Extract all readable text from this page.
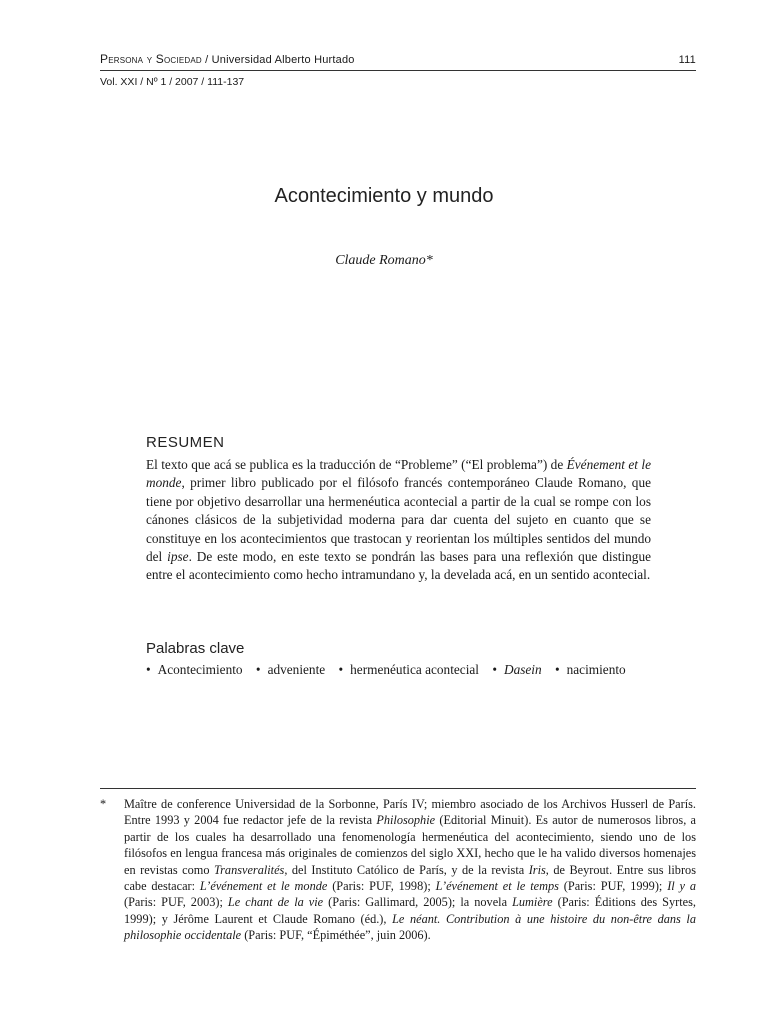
Persona y Sociedad / Universidad Alberto Hurtado	111
Vol. XXI / Nº 1 / 2007 / 111-137
Acontecimiento y mundo
Claude Romano*
RESUMEN

El texto que acá se publica es la traducción de “Probleme” (“El problema”) de Événement et le monde, primer libro publicado por el filósofo francés contemporáneo Claude Romano, que tiene por objetivo desarrollar una hermenéutica acontecial a partir de la cual se rompe con los cánones clásicos de la subjetividad moderna para dar cuenta del sujeto en cuanto que se constituye en los acontecimientos que trastocan y reorientan los múltiples sentidos del mundo del ipse. De este modo, en este texto se pondrán las bases para una reflexión que distingue entre el acontecimiento como hecho intramundano y, la develada acá, en un sentido acontecial.

Palabras clave
• Acontecimiento • adveniente • hermenéutica acontecial • Dasein • nacimiento
* Maître de conference Universidad de la Sorbonne, París IV; miembro asociado de los Archivos Husserl de París. Entre 1993 y 2004 fue redactor jefe de la revista Philosophie (Editorial Minuit). Es autor de numerosos libros, a partir de los cuales ha desarrollado una fenomenología hermenéutica del acontecimiento, siendo uno de los filósofos en lengua francesa más originales de comienzos del siglo XXI, hecho que le ha valido diversos homenajes en revistas como Transveralités, del Instituto Católico de París, y de la revista Iris, de Beyrout. Entre sus libros cabe destacar: L’événement et le monde (Paris: PUF, 1998); L’événement et le temps (Paris: PUF, 1999); Il y a (Paris: PUF, 2003); Le chant de la vie (Paris: Gallimard, 2005); la novela Lumière (Paris: Éditions des Syrtes, 1999); y Jérôme Laurent et Claude Romano (éd.), Le néant. Contribution à une histoire du non-être dans la philosophie occidentale (Paris: PUF, “Épiméthée”, juin 2006).
